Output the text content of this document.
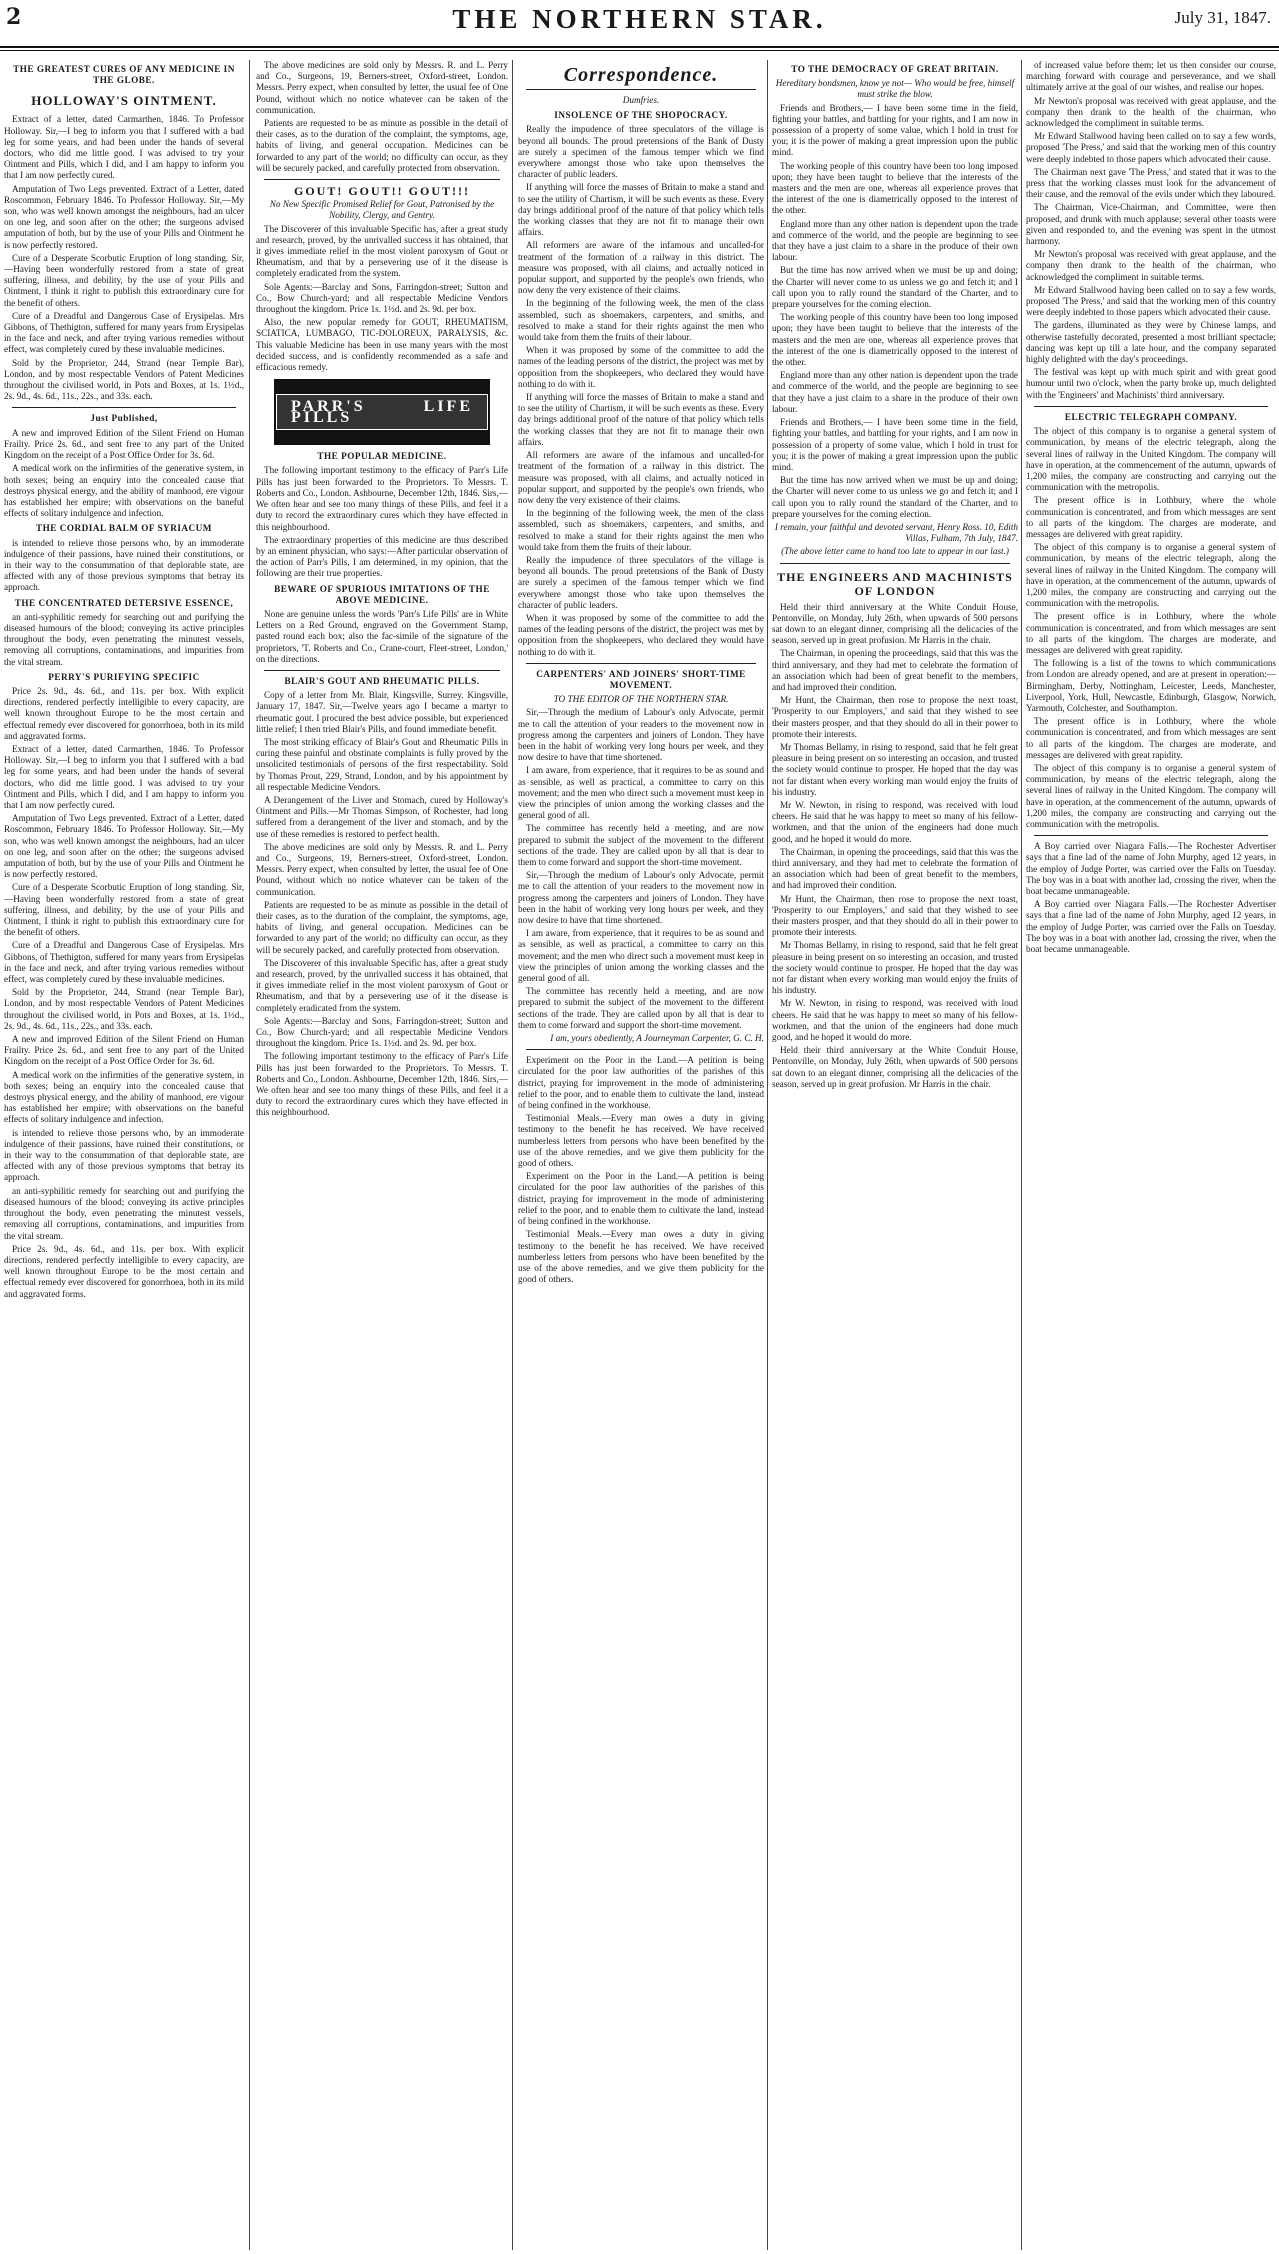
2	THE NORTHERN STAR.	July 31, 1847.
THE GREATEST CURES OF ANY MEDICINE IN THE GLOBE.
HOLLOWAY'S OINTMENT.

Extract of a letter, dated Carmarthen, 1846. To Professor Holloway. Sir,—I beg to inform you that I suffered with a bad leg for some years, and had been under the hands of several doctors, who did me little good. I was advised to try your Ointment and Pills, which I did, and I am happy to inform you that I am now perfectly cured.

Amputation of Two Legs prevented. Extract of a Letter, dated Roscommon, February 1846. To Professor Holloway. Sir,—My son, who was well known amongst the neighbours, had an ulcer on one leg, and soon after on the other; the surgeons advised amputation of both, but by the use of your Pills and Ointment he is now perfectly restored.

Cure of a Desperate Scorbutic Eruption of long standing. Sir,—Having been wonderfully restored from a state of great suffering, illness, and debility, by the use of your Pills and Ointment, I think it right to publish this extraordinary cure for the benefit of others.

Cure of a Dreadful and Dangerous Case of Erysipelas. Mrs Gibbons, of Thethigton, suffered for many years from Erysipelas in the face and neck, and after trying various remedies without effect, was completely cured by these invaluable medicines.

Sold by the Proprietor, 244, Strand (near Temple Bar), London, and by most respectable Vendors of Patent Medicines throughout the civilised world, in Pots and Boxes, at 1s. 1½d., 2s. 9d., 4s. 6d., 11s., 22s., and 33s. each.

Just Published,

A new and improved Edition of the Silent Friend on Human Frailty. Price 2s. 6d., and sent free to any part of the United Kingdom on the receipt of a Post Office Order for 3s. 6d.

A medical work on the infirmities of the generative system, in both sexes; being an enquiry into the concealed cause that destroys physical energy, and the ability of manhood, ere vigour has established her empire; with observations on the baneful effects of solitary indulgence and infection.

THE CORDIAL BALM OF SYRIACUM

is intended to relieve those persons who, by an immoderate indulgence of their passions, have ruined their constitutions, or in their way to the consummation of that deplorable state, are affected with any of those previous symptoms that betray its approach.

THE CONCENTRATED DETERSIVE ESSENCE,

an anti-syphilitic remedy for searching out and purifying the diseased humours of the blood; conveying its active principles throughout the body, even penetrating the minutest vessels, removing all corruptions, contaminations, and impurities from the vital stream.

PERRY'S PURIFYING SPECIFIC

Price 2s. 9d., 4s. 6d., and 11s. per box. With explicit directions, rendered perfectly intelligible to every capacity, are well known throughout Europe to be the most certain and effectual remedy ever discovered for gonorrhoea, both in its mild and aggravated forms.

Extract of a letter, dated Carmarthen, 1846. To Professor Holloway. Sir,—I beg to inform you that I suffered with a bad leg for some years, and had been under the hands of several doctors, who did me little good. I was advised to try your Ointment and Pills, which I did, and I am happy to inform you that I am now perfectly cured.

Amputation of Two Legs prevented. Extract of a Letter, dated Roscommon, February 1846. To Professor Holloway. Sir,—My son, who was well known amongst the neighbours, had an ulcer on one leg, and soon after on the other; the surgeons advised amputation of both, but by the use of your Pills and Ointment he is now perfectly restored.

Cure of a Desperate Scorbutic Eruption of long standing. Sir,—Having been wonderfully restored from a state of great suffering, illness, and debility, by the use of your Pills and Ointment, I think it right to publish this extraordinary cure for the benefit of others.

Cure of a Dreadful and Dangerous Case of Erysipelas. Mrs Gibbons, of Thethigton, suffered for many years from Erysipelas in the face and neck, and after trying various remedies without effect, was completely cured by these invaluable medicines.

Sold by the Proprietor, 244, Strand (near Temple Bar), London, and by most respectable Vendors of Patent Medicines throughout the civilised world, in Pots and Boxes, at 1s. 1½d., 2s. 9d., 4s. 6d., 11s., 22s., and 33s. each.

A new and improved Edition of the Silent Friend on Human Frailty. Price 2s. 6d., and sent free to any part of the United Kingdom on the receipt of a Post Office Order for 3s. 6d.

A medical work on the infirmities of the generative system, in both sexes; being an enquiry into the concealed cause that destroys physical energy, and the ability of manhood, ere vigour has established her empire; with observations on the baneful effects of solitary indulgence and infection.

is intended to relieve those persons who, by an immoderate indulgence of their passions, have ruined their constitutions, or in their way to the consummation of that deplorable state, are affected with any of those previous symptoms that betray its approach.

an anti-syphilitic remedy for searching out and purifying the diseased humours of the blood; conveying its active principles throughout the body, even penetrating the minutest vessels, removing all corruptions, contaminations, and impurities from the vital stream.

Price 2s. 9d., 4s. 6d., and 11s. per box. With explicit directions, rendered perfectly intelligible to every capacity, are well known throughout Europe to be the most certain and effectual remedy ever discovered for gonorrhoea, both in its mild and aggravated forms.

The above medicines are sold only by Messrs. R. and L. Perry and Co., Surgeons, 19, Berners-street, Oxford-street, London. Messrs. Perry expect, when consulted by letter, the usual fee of One Pound, without which no notice whatever can be taken of the communication.

Patients are requested to be as minute as possible in the detail of their cases, as to the duration of the complaint, the symptoms, age, habits of living, and general occupation. Medicines can be forwarded to any part of the world; no difficulty can occur, as they will be securely packed, and carefully protected from observation.

GOUT! GOUT!! GOUT!!!
No New Specific Promised Relief for Gout, Patronised by the Nobility, Clergy, and Gentry.

The Discoverer of this invaluable Specific has, after a great study and research, proved, by the unrivalled success it has obtained, that it gives immediate relief in the most violent paroxysm of Gout or Rheumatism, and that by a persevering use of it the disease is completely eradicated from the system.

Sole Agents:—Barclay and Sons, Farringdon-street; Sutton and Co., Bow Church-yard; and all respectable Medicine Vendors throughout the kingdom. Price 1s. 1½d. and 2s. 9d. per box.

Also, the new popular remedy for GOUT, RHEUMATISM, SCIATICA, LUMBAGO, TIC-DOLOREUX, PARALYSIS, &c. This valuable Medicine has been in use many years with the most decided success, and is confidently recommended as a safe and efficacious remedy.

PARR'S LIFE PILLS
THE POPULAR MEDICINE.

The following important testimony to the efficacy of Parr's Life Pills has just been forwarded to the Proprietors. To Messrs. T. Roberts and Co., London. Ashbourne, December 12th, 1846. Sirs,—We often hear and see too many things of these Pills, and feel it a duty to record the extraordinary cures which they have effected in this neighbourhood.

The extraordinary properties of this medicine are thus described by an eminent physician, who says:—After particular observation of the action of Parr's Pills, I am determined, in my opinion, that the following are their true properties.

BEWARE OF SPURIOUS IMITATIONS OF THE ABOVE MEDICINE.

None are genuine unless the words 'Parr's Life Pills' are in White Letters on a Red Ground, engraved on the Government Stamp, pasted round each box; also the fac-simile of the signature of the proprietors, 'T. Roberts and Co., Crane-court, Fleet-street, London,' on the directions.

BLAIR'S GOUT AND RHEUMATIC PILLS.

Copy of a letter from Mr. Blair, Kingsville, Surrey. Kingsville, January 17, 1847. Sir,—Twelve years ago I became a martyr to rheumatic gout. I procured the best advice possible, but experienced little relief; I then tried Blair's Pills, and found immediate benefit.

The most striking efficacy of Blair's Gout and Rheumatic Pills in curing these painful and obstinate complaints is fully proved by the unsolicited testimonials of persons of the first respectability. Sold by Thomas Prout, 229, Strand, London, and by his appointment by all respectable Medicine Vendors.

A Derangement of the Liver and Stomach, cured by Holloway's Ointment and Pills.—Mr Thomas Simpson, of Rochester, had long suffered from a derangement of the liver and stomach, and by the use of these remedies is restored to perfect health.

The above medicines are sold only by Messrs. R. and L. Perry and Co., Surgeons, 19, Berners-street, Oxford-street, London. Messrs. Perry expect, when consulted by letter, the usual fee of One Pound, without which no notice whatever can be taken of the communication.

Patients are requested to be as minute as possible in the detail of their cases, as to the duration of the complaint, the symptoms, age, habits of living, and general occupation. Medicines can be forwarded to any part of the world; no difficulty can occur, as they will be securely packed, and carefully protected from observation.

The Discoverer of this invaluable Specific has, after a great study and research, proved, by the unrivalled success it has obtained, that it gives immediate relief in the most violent paroxysm of Gout or Rheumatism, and that by a persevering use of it the disease is completely eradicated from the system.

Sole Agents:—Barclay and Sons, Farringdon-street; Sutton and Co., Bow Church-yard; and all respectable Medicine Vendors throughout the kingdom. Price 1s. 1½d. and 2s. 9d. per box.

The following important testimony to the efficacy of Parr's Life Pills has just been forwarded to the Proprietors. To Messrs. T. Roberts and Co., London. Ashbourne, December 12th, 1846. Sirs,—We often hear and see too many things of these Pills, and feel it a duty to record the extraordinary cures which they have effected in this neighbourhood.

Correspondence.
Dumfries.
INSOLENCE OF THE SHOPOCRACY.

Really the impudence of three speculators of the village is beyond all bounds. The proud pretensions of the Bank of Dusty are surely a specimen of the famous temper which we find everywhere amongst those who take upon themselves the character of public leaders.

If anything will force the masses of Britain to make a stand and to see the utility of Chartism, it will be such events as these. Every day brings additional proof of the nature of that policy which tells the working classes that they are not fit to manage their own affairs.

All reformers are aware of the infamous and uncalled-for treatment of the formation of a railway in this district. The measure was proposed, with all claims, and actually noticed in popular support, and supported by the people's own friends, who now deny the very existence of their claims.

In the beginning of the following week, the men of the class assembled, such as shoemakers, carpenters, and smiths, and resolved to make a stand for their rights against the men who would take from them the fruits of their labour.

When it was proposed by some of the committee to add the names of the leading persons of the district, the project was met by opposition from the shopkeepers, who declared they would have nothing to do with it.

If anything will force the masses of Britain to make a stand and to see the utility of Chartism, it will be such events as these. Every day brings additional proof of the nature of that policy which tells the working classes that they are not fit to manage their own affairs.

All reformers are aware of the infamous and uncalled-for treatment of the formation of a railway in this district. The measure was proposed, with all claims, and actually noticed in popular support, and supported by the people's own friends, who now deny the very existence of their claims.

In the beginning of the following week, the men of the class assembled, such as shoemakers, carpenters, and smiths, and resolved to make a stand for their rights against the men who would take from them the fruits of their labour.

Really the impudence of three speculators of the village is beyond all bounds. The proud pretensions of the Bank of Dusty are surely a specimen of the famous temper which we find everywhere amongst those who take upon themselves the character of public leaders.

When it was proposed by some of the committee to add the names of the leading persons of the district, the project was met by opposition from the shopkeepers, who declared they would have nothing to do with it.

CARPENTERS' AND JOINERS' SHORT-TIME MOVEMENT.
TO THE EDITOR OF THE NORTHERN STAR.

Sir,—Through the medium of Labour's only Advocate, permit me to call the attention of your readers to the movement now in progress among the carpenters and joiners of London. They have been in the habit of working very long hours per week, and they now desire to have that time shortened.

I am aware, from experience, that it requires to be as sound and as sensible, as well as practical, a committee to carry on this movement; and the men who direct such a movement must keep in view the principles of union among the working classes and the general good of all.

The committee has recently held a meeting, and are now prepared to submit the subject of the movement to the different sections of the trade. They are called upon by all that is dear to them to come forward and support the short-time movement.

Sir,—Through the medium of Labour's only Advocate, permit me to call the attention of your readers to the movement now in progress among the carpenters and joiners of London. They have been in the habit of working very long hours per week, and they now desire to have that time shortened.

I am aware, from experience, that it requires to be as sound and as sensible, as well as practical, a committee to carry on this movement; and the men who direct such a movement must keep in view the principles of union among the working classes and the general good of all.

The committee has recently held a meeting, and are now prepared to submit the subject of the movement to the different sections of the trade. They are called upon by all that is dear to them to come forward and support the short-time movement.

I am, yours obediently, A Journeyman Carpenter, G. C. H.

Experiment on the Poor in the Land.—A petition is being circulated for the poor law authorities of the parishes of this district, praying for improvement in the mode of administering relief to the poor, and to enable them to cultivate the land, instead of being confined in the workhouse.

Testimonial Meals.—Every man owes a duty in giving testimony to the benefit he has received. We have received numberless letters from persons who have been benefited by the use of the above remedies, and we give them publicity for the good of others.

Experiment on the Poor in the Land.—A petition is being circulated for the poor law authorities of the parishes of this district, praying for improvement in the mode of administering relief to the poor, and to enable them to cultivate the land, instead of being confined in the workhouse.

Testimonial Meals.—Every man owes a duty in giving testimony to the benefit he has received. We have received numberless letters from persons who have been benefited by the use of the above remedies, and we give them publicity for the good of others.

TO THE DEMOCRACY OF GREAT BRITAIN.
Hereditary bondsmen, know ye not— Who would be free, himself must strike the blow.

Friends and Brothers,— I have been some time in the field, fighting your battles, and battling for your rights, and I am now in possession of a property of some value, which I hold in trust for you; it is the power of making a great impression upon the public mind.

The working people of this country have been too long imposed upon; they have been taught to believe that the interests of the masters and the men are one, whereas all experience proves that the interest of the one is diametrically opposed to the interest of the other.

England more than any other nation is dependent upon the trade and commerce of the world, and the people are beginning to see that they have a just claim to a share in the produce of their own labour.

But the time has now arrived when we must be up and doing; the Charter will never come to us unless we go and fetch it; and I call upon you to rally round the standard of the Charter, and to prepare yourselves for the coming election.

The working people of this country have been too long imposed upon; they have been taught to believe that the interests of the masters and the men are one, whereas all experience proves that the interest of the one is diametrically opposed to the interest of the other.

England more than any other nation is dependent upon the trade and commerce of the world, and the people are beginning to see that they have a just claim to a share in the produce of their own labour.

Friends and Brothers,— I have been some time in the field, fighting your battles, and battling for your rights, and I am now in possession of a property of some value, which I hold in trust for you; it is the power of making a great impression upon the public mind.

But the time has now arrived when we must be up and doing; the Charter will never come to us unless we go and fetch it; and I call upon you to rally round the standard of the Charter, and to prepare yourselves for the coming election.

I remain, your faithful and devoted servant, Henry Ross. 10, Edith Villas, Fulham, 7th July, 1847.
(The above letter came to hand too late to appear in our last.)
THE ENGINEERS AND MACHINISTS OF LONDON

Held their third anniversary at the White Conduit House, Pentonville, on Monday, July 26th, when upwards of 500 persons sat down to an elegant dinner, comprising all the delicacies of the season, served up in great profusion. Mr Harris in the chair.

The Chairman, in opening the proceedings, said that this was the third anniversary, and they had met to celebrate the formation of an association which had been of great benefit to the members, and had improved their condition.

Mr Hunt, the Chairman, then rose to propose the next toast, 'Prosperity to our Employers,' and said that they wished to see their masters prosper, and that they should do all in their power to promote their interests.

Mr Thomas Bellamy, in rising to respond, said that he felt great pleasure in being present on so interesting an occasion, and trusted the society would continue to prosper. He hoped that the day was not far distant when every working man would enjoy the fruits of his industry.

Mr W. Newton, in rising to respond, was received with loud cheers. He said that he was happy to meet so many of his fellow-workmen, and that the union of the engineers had done much good, and he hoped it would do more.

The Chairman, in opening the proceedings, said that this was the third anniversary, and they had met to celebrate the formation of an association which had been of great benefit to the members, and had improved their condition.

Mr Hunt, the Chairman, then rose to propose the next toast, 'Prosperity to our Employers,' and said that they wished to see their masters prosper, and that they should do all in their power to promote their interests.

Mr Thomas Bellamy, in rising to respond, said that he felt great pleasure in being present on so interesting an occasion, and trusted the society would continue to prosper. He hoped that the day was not far distant when every working man would enjoy the fruits of his industry.

Mr W. Newton, in rising to respond, was received with loud cheers. He said that he was happy to meet so many of his fellow-workmen, and that the union of the engineers had done much good, and he hoped it would do more.

Held their third anniversary at the White Conduit House, Pentonville, on Monday, July 26th, when upwards of 500 persons sat down to an elegant dinner, comprising all the delicacies of the season, served up in great profusion. Mr Harris in the chair.

of increased value before them; let us then consider our course, marching forward with courage and perseverance, and we shall ultimately arrive at the goal of our wishes, and realise our hopes.

Mr Newton's proposal was received with great applause, and the company then drank to the health of the chairman, who acknowledged the compliment in suitable terms.

Mr Edward Stallwood having been called on to say a few words, proposed 'The Press,' and said that the working men of this country were deeply indebted to those papers which advocated their cause.

The Chairman next gave 'The Press,' and stated that it was to the press that the working classes must look for the advancement of their cause, and the removal of the evils under which they laboured.

The Chairman, Vice-Chairman, and Committee, were then proposed, and drunk with much applause; several other toasts were given and responded to, and the evening was spent in the utmost harmony.

Mr Newton's proposal was received with great applause, and the company then drank to the health of the chairman, who acknowledged the compliment in suitable terms.

Mr Edward Stallwood having been called on to say a few words, proposed 'The Press,' and said that the working men of this country were deeply indebted to those papers which advocated their cause.

The gardens, illuminated as they were by Chinese lamps, and otherwise tastefully decorated, presented a most brilliant spectacle; dancing was kept up till a late hour, and the company separated highly delighted with the day's proceedings.

The festival was kept up with much spirit and with great good humour until two o'clock, when the party broke up, much delighted with the 'Engineers' and Machinists' third anniversary.

ELECTRIC TELEGRAPH COMPANY.

The object of this company is to organise a general system of communication, by means of the electric telegraph, along the several lines of railway in the United Kingdom. The company will have in operation, at the commencement of the autumn, upwards of 1,200 miles, the company are constructing and carrying out the communication with the metropolis.

The present office is in Lothbury, where the whole communication is concentrated, and from which messages are sent to all parts of the kingdom. The charges are moderate, and messages are delivered with great rapidity.

The object of this company is to organise a general system of communication, by means of the electric telegraph, along the several lines of railway in the United Kingdom. The company will have in operation, at the commencement of the autumn, upwards of 1,200 miles, the company are constructing and carrying out the communication with the metropolis.

The present office is in Lothbury, where the whole communication is concentrated, and from which messages are sent to all parts of the kingdom. The charges are moderate, and messages are delivered with great rapidity.

The following is a list of the towns to which communications from London are already opened, and are at present in operation:—Birmingham, Derby, Nottingham, Leicester, Leeds, Manchester, Liverpool, York, Hull, Newcastle, Edinburgh, Glasgow, Norwich, Yarmouth, Colchester, and Southampton.

The present office is in Lothbury, where the whole communication is concentrated, and from which messages are sent to all parts of the kingdom. The charges are moderate, and messages are delivered with great rapidity.

The object of this company is to organise a general system of communication, by means of the electric telegraph, along the several lines of railway in the United Kingdom. The company will have in operation, at the commencement of the autumn, upwards of 1,200 miles, the company are constructing and carrying out the communication with the metropolis.

A Boy carried over Niagara Falls.—The Rochester Advertiser says that a fine lad of the name of John Murphy, aged 12 years, in the employ of Judge Porter, was carried over the Falls on Tuesday. The boy was in a boat with another lad, crossing the river, when the boat became unmanageable.

A Boy carried over Niagara Falls.—The Rochester Advertiser says that a fine lad of the name of John Murphy, aged 12 years, in the employ of Judge Porter, was carried over the Falls on Tuesday. The boy was in a boat with another lad, crossing the river, when the boat became unmanageable.
